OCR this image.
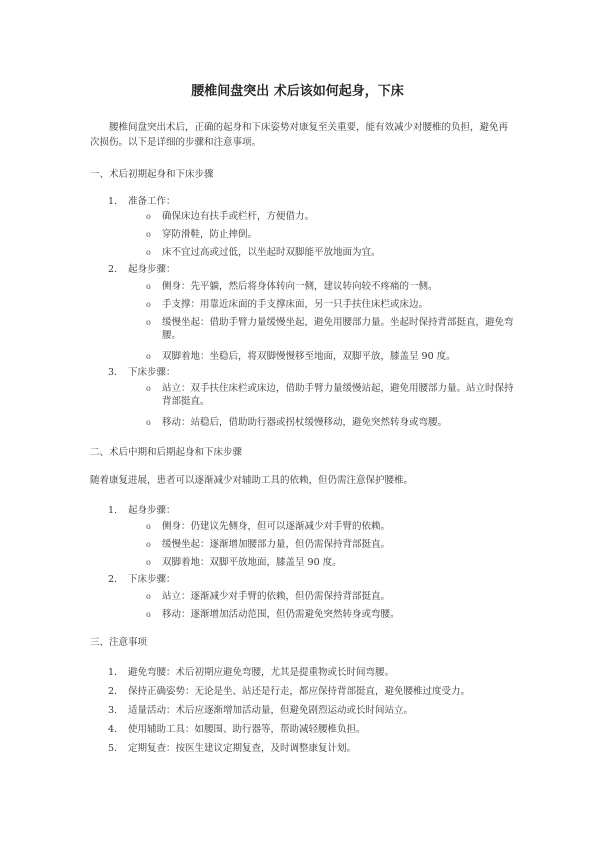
腰椎间盘突出 术后该如何起身，下床
腰椎间盘突出术后，正确的起身和下床姿势对康复至关重要，能有效减少对腰椎的负担，避免再次损伤。以下是详细的步骤和注意事项。
一、术后初期起身和下床步骤
1. 准备工作：
o 确保床边有扶手或栏杆，方便借力。
o 穿防滑鞋，防止摔倒。
o 床不宜过高或过低，以坐起时双脚能平放地面为宜。
2. 起身步骤：
o 侧身：先平躺，然后将身体转向一侧，建议转向较不疼痛的一侧。
o 手支撑：用靠近床面的手支撑床面，另一只手扶住床栏或床边。
o 缓慢坐起：借助手臂力量缓慢坐起，避免用腰部力量。坐起时保持背部挺直，避免弯腰。
o 双脚着地：坐稳后，将双脚慢慢移至地面，双脚平放，膝盖呈 90 度。
3. 下床步骤：
o 站立：双手扶住床栏或床边，借助手臂力量缓慢站起，避免用腰部力量。站立时保持背部挺直。
o 移动：站稳后，借助助行器或拐杖缓慢移动，避免突然转身或弯腰。
二、术后中期和后期起身和下床步骤
随着康复进展，患者可以逐渐减少对辅助工具的依赖，但仍需注意保护腰椎。
1. 起身步骤：
o 侧身：仍建议先侧身，但可以逐渐减少对手臂的依赖。
o 缓慢坐起：逐渐增加腰部力量，但仍需保持背部挺直。
o 双脚着地：双脚平放地面，膝盖呈 90 度。
2. 下床步骤：
o 站立：逐渐减少对手臂的依赖，但仍需保持背部挺直。
o 移动：逐渐增加活动范围，但仍需避免突然转身或弯腰。
三、注意事项
1. 避免弯腰：术后初期应避免弯腰，尤其是提重物或长时间弯腰。
2. 保持正确姿势：无论是坐、站还是行走，都应保持背部挺直，避免腰椎过度受力。
3. 适量活动：术后应逐渐增加活动量，但避免剧烈运动或长时间站立。
4. 使用辅助工具：如腰围、助行器等，帮助减轻腰椎负担。
5. 定期复查：按医生建议定期复查，及时调整康复计划。
